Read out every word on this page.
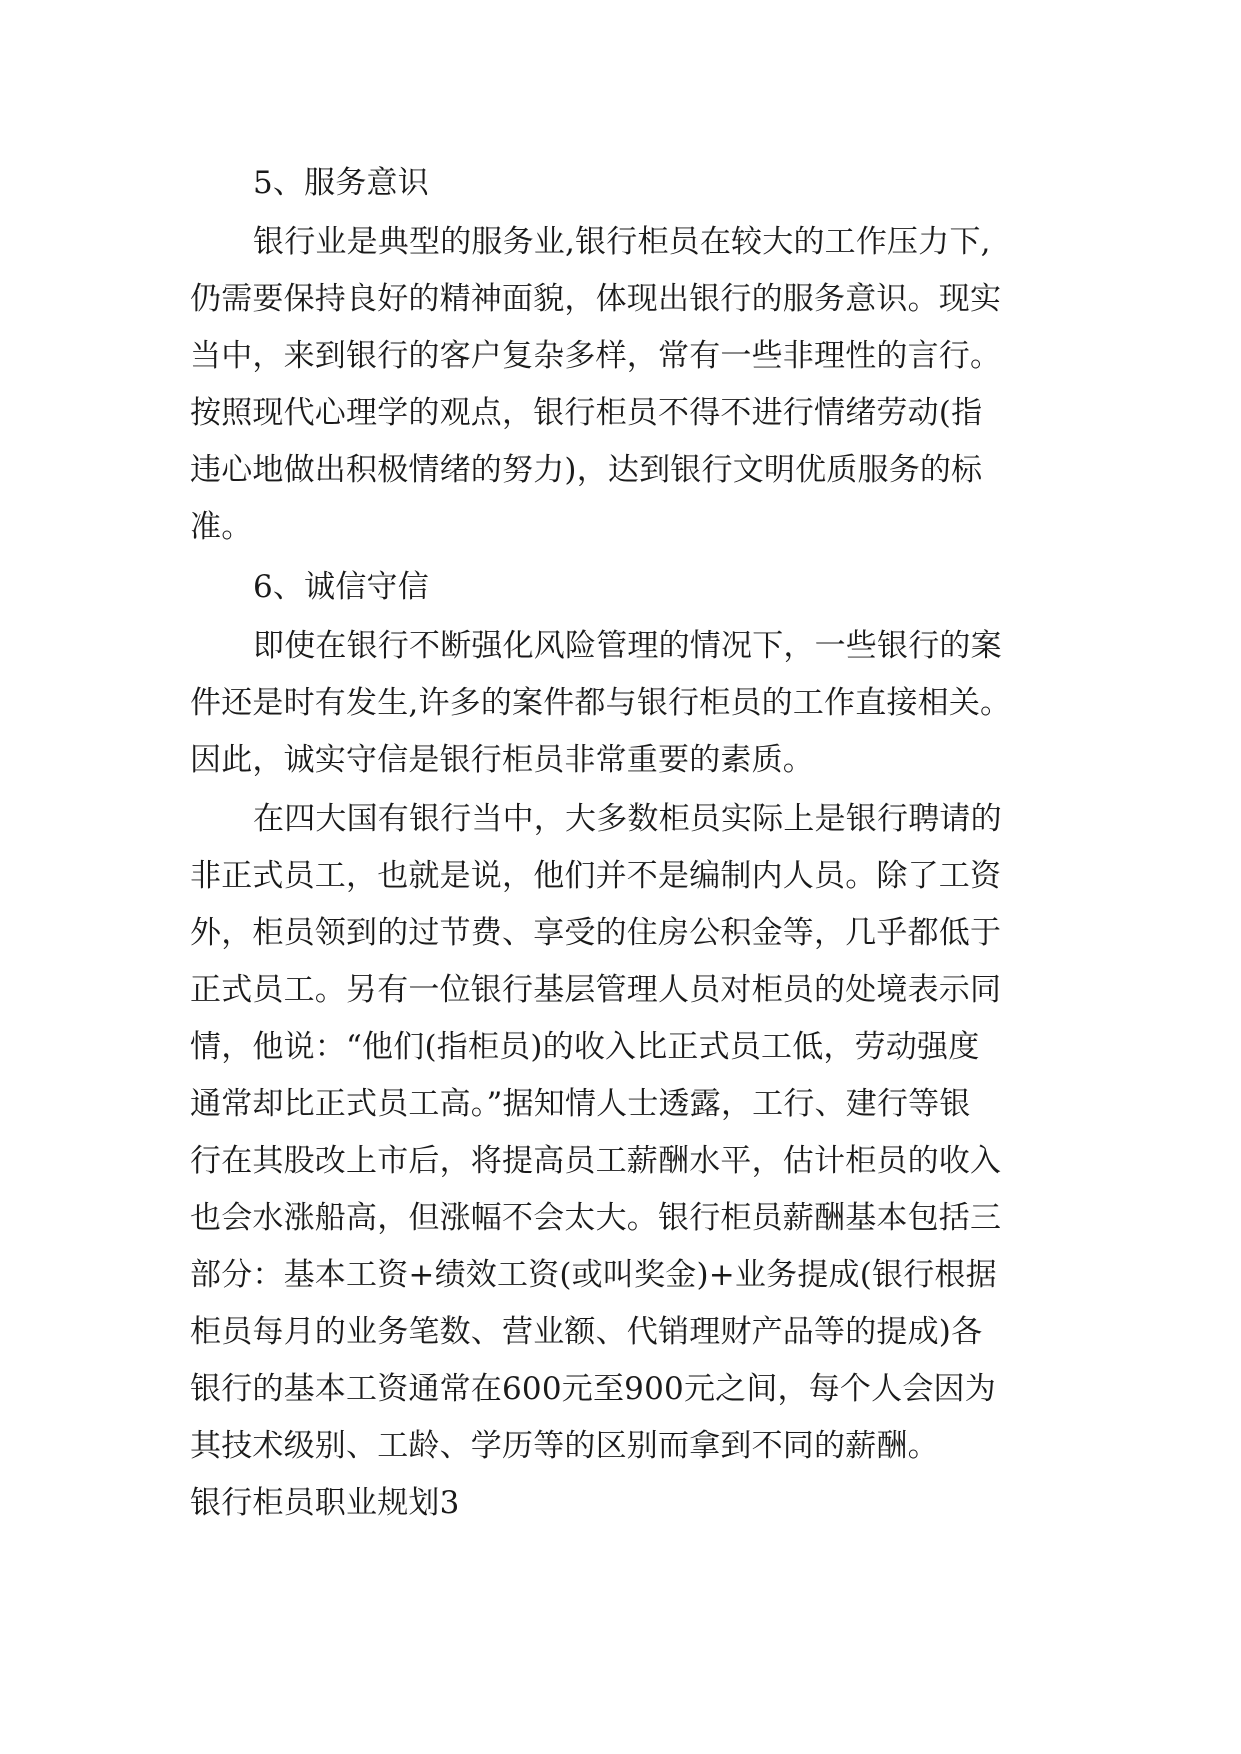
5、服务意识
银行业是典型的服务业,银行柜员在较大的工作压力下,
仍需要保持良好的精神面貌，体现出银行的服务意识。现实
当中，来到银行的客户复杂多样，常有一些非理性的言行。
按照现代心理学的观点，银行柜员不得不进行情绪劳动(指
违心地做出积极情绪的努力)，达到银行文明优质服务的标
准。
6、诚信守信
即使在银行不断强化风险管理的情况下，一些银行的案
件还是时有发生,许多的案件都与银行柜员的工作直接相关。
因此，诚实守信是银行柜员非常重要的素质。
在四大国有银行当中，大多数柜员实际上是银行聘请的
非正式员工，也就是说，他们并不是编制内人员。除了工资
外，柜员领到的过节费、享受的住房公积金等，几乎都低于
正式员工。另有一位银行基层管理人员对柜员的处境表示同
情，他说：“他们(指柜员)的收入比正式员工低，劳动强度
通常却比正式员工高。”据知情人士透露，工行、建行等银
行在其股改上市后，将提高员工薪酬水平，估计柜员的收入
也会水涨船高，但涨幅不会太大。银行柜员薪酬基本包括三
部分：基本工资+绩效工资(或叫奖金)+业务提成(银行根据
柜员每月的业务笔数、营业额、代销理财产品等的提成)各
银行的基本工资通常在600元至900元之间，每个人会因为
其技术级别、工龄、学历等的区别而拿到不同的薪酬。
银行柜员职业规划3
